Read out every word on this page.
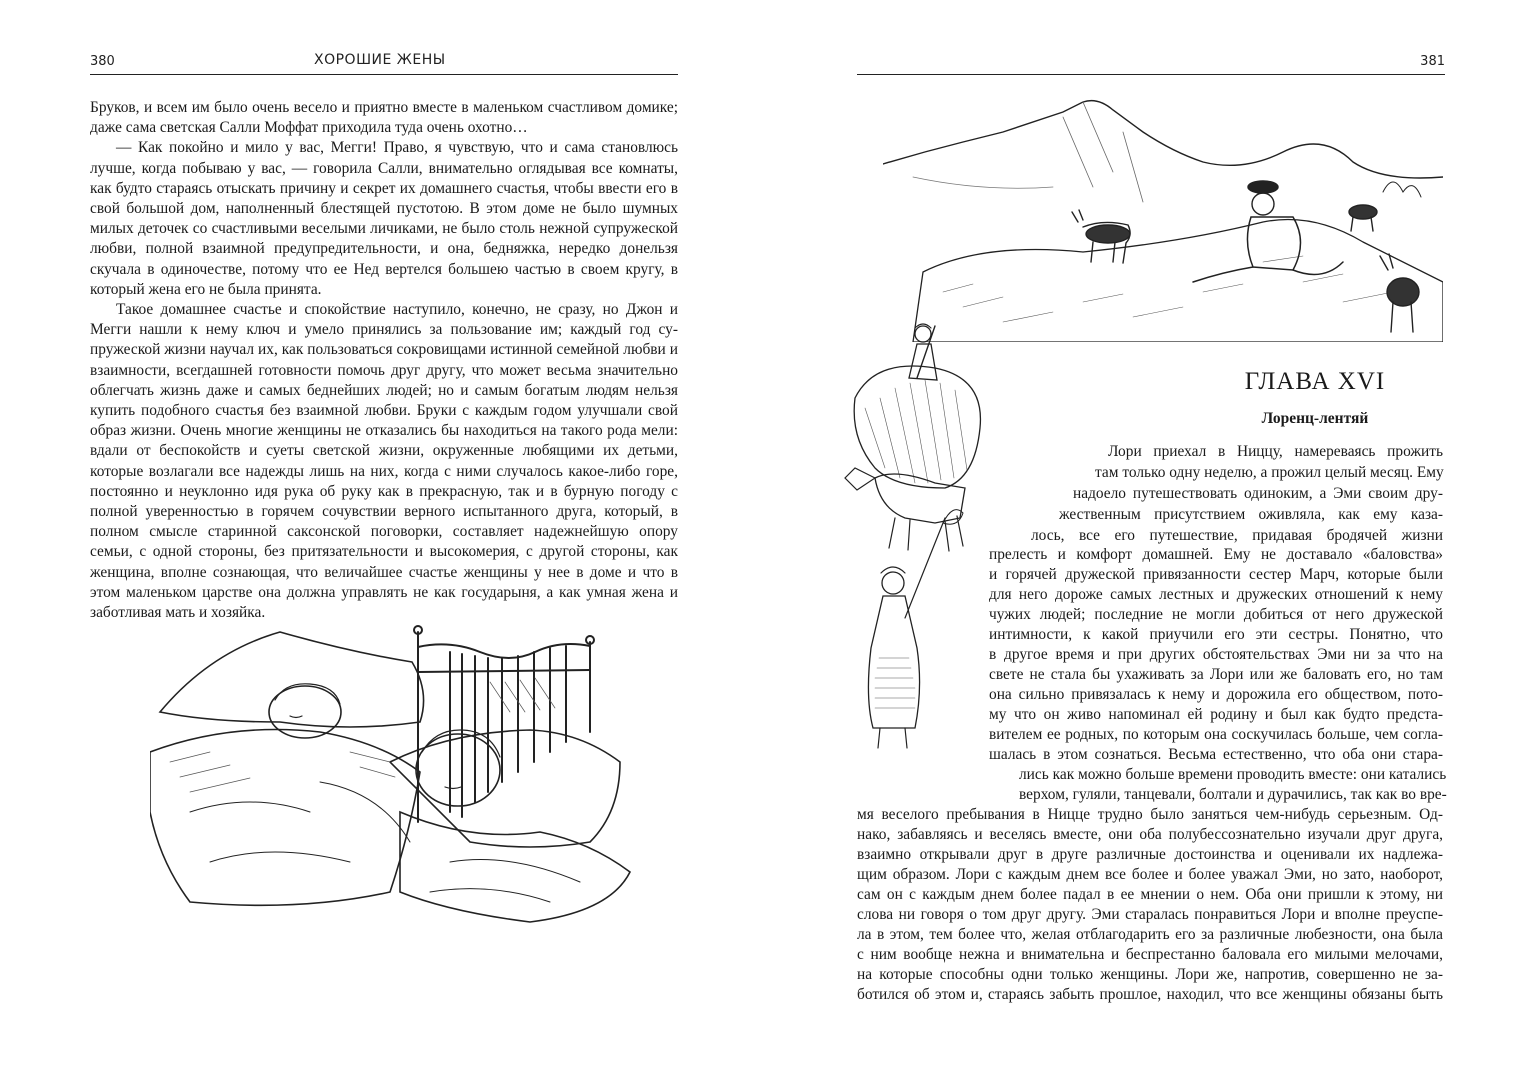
380	ХОРОШИЕ ЖЕНЫ

Бруков, и всем им было очень весело и приятно вместе в маленьком счастливом домике; даже сама светская Салли Моффат приходила туда очень охотно…

— Как покойно и мило у вас, Мегги! Право, я чувствую, что и сама становлюсь лучше, когда побываю у вас, — говорила Салли, внимательно оглядывая все комнаты, как будто стараясь отыскать причину и секрет их домашнего счастья, чтобы ввести его в свой большой дом, наполненный блестящей пустотою. В этом доме не было шумных милых деточек со счастливыми веселыми личиками, не было столь нежной супружеской любви, полной взаимной предупредительности, и она, бедняжка, нередко донельзя скучала в одиночестве, потому что ее Нед вертелся большею частью в своем кругу, в который жена его не была принята.

Такое домашнее счастье и спокойствие наступило, конечно, не сразу, но Джон и Мегги нашли к нему ключ и умело принялись за пользование им; каждый год супружеской жизни научал их, как пользоваться сокровищами истинной семейной любви и взаимности, всегдашней готовности помочь друг другу, что может весьма значительно облегчать жизнь даже и самых беднейших людей; но и самым богатым людям нельзя купить подобного счастья без взаимной любви. Бруки с каждым годом улучшали свой образ жизни. Очень многие женщины не отказались бы находиться на такого рода мели: вдали от беспокойств и суеты светской жизни, окруженные любящими их детьми, которые возлагали все надежды лишь на них, когда с ними случалось какое-либо горе, постоянно и неуклонно идя рука об руку как в прекрасную, так и в бурную погоду с полной уверенностью в горячем сочувствии верного испытанного друга, который, в полном смысле старинной саксонской поговорки, составляет надежнейшую опору семьи, с одной стороны, без притязательности и высокомерия, с другой стороны, как женщина, вполне сознающая, что величайшее счастье женщины у нее в доме и что в этом маленьком царстве она должна управлять не как государыня, а как умная жена и заботливая мать и хозяйка.

381
ГЛАВА XVI
Лоренц-лентяй
Лори приехал в Ниццу, намереваясь прожить
там только одну неделю, а прожил целый месяц. Ему
надоело путешествовать одиноким, а Эми своим дру-
жественным присутствием оживляла, как ему каза-
лось, все его путешествие, придавая бродячей жизни
прелесть и комфорт домашней. Ему не доставало «баловства»
и горячей дружеской привязанности сестер Марч, которые были
для него дороже самых лестных и дружеских отношений к нему
чужих людей; последние не могли добиться от него дружеской
интимности, к какой приучили его эти сестры. Понятно, что
в другое время и при других обстоятельствах Эми ни за что на
свете не стала бы ухаживать за Лори или же баловать его, но там
она сильно привязалась к нему и дорожила его обществом, пото-
му что он живо напоминал ей родину и был как будто предста-
вителем ее родных, по которым она соскучилась больше, чем согла-
шалась в этом сознаться. Весьма естественно, что оба они стара-
лись как можно больше времени проводить вместе: они катались
верхом, гуляли, танцевали, болтали и дурачились, так как во вре-
мя веселого пребывания в Ницце трудно было заняться чем-нибудь серьезным. Од-
нако, забавляясь и веселясь вместе, они оба полубессознательно изучали друг друга,
взаимно открывали друг в друге различные достоинства и оценивали их надлежа-
щим образом. Лори с каждым днем все более и более уважал Эми, но зато, наоборот,
сам он с каждым днем более падал в ее мнении о нем. Оба они пришли к этому, ни
слова ни говоря о том друг другу. Эми старалась понравиться Лори и вполне преуспе-
ла в этом, тем более что, желая отблагодарить его за различные любезности, она была
с ним вообще нежна и внимательна и беспрестанно баловала его милыми мелочами,
на которые способны одни только женщины. Лори же, напротив, совершенно не за-
ботился об этом и, стараясь забыть прошлое, находил, что все женщины обязаны быть
